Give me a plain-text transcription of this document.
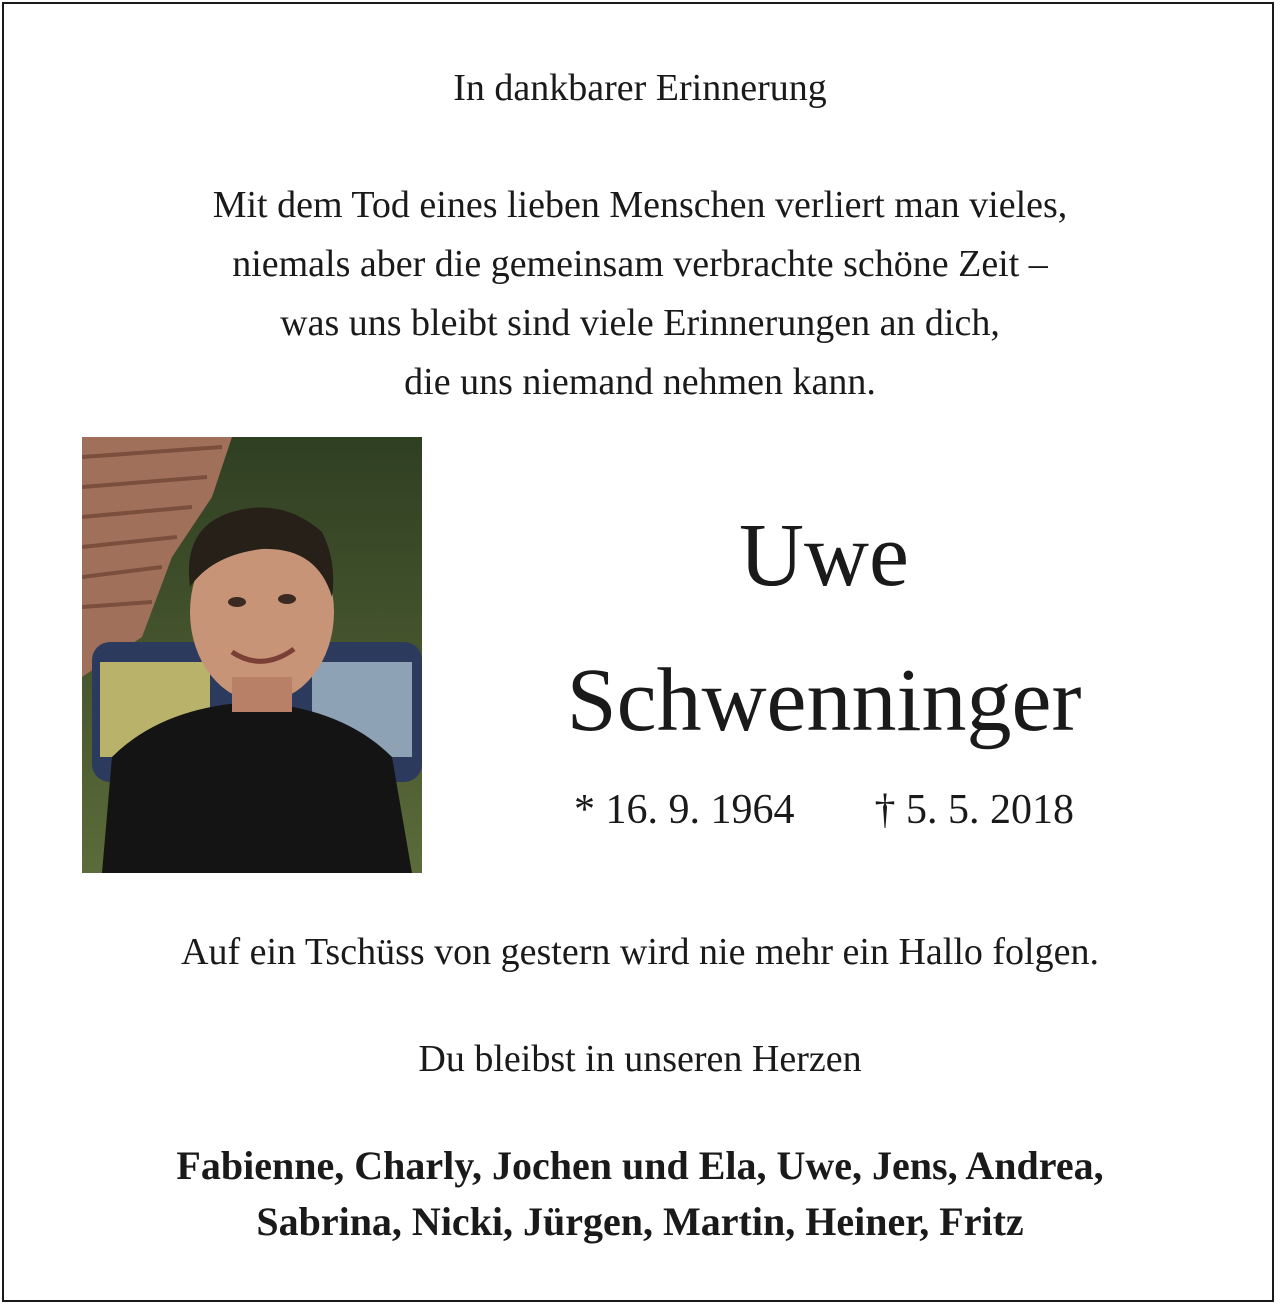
In dankbarer Erinnerung
Mit dem Tod eines lieben Menschen verliert man vieles,
niemals aber die gemeinsam verbrachte schöne Zeit –
was uns bleibt sind viele Erinnerungen an dich,
die uns niemand nehmen kann.
Uwe
Schwenninger
* 16. 9. 1964 † 5. 5. 2018
Auf ein Tschüss von gestern wird nie mehr ein Hallo folgen.
Du bleibst in unseren Herzen
Fabienne, Charly, Jochen und Ela, Uwe, Jens, Andrea,
Sabrina, Nicki, Jürgen, Martin, Heiner, Fritz
